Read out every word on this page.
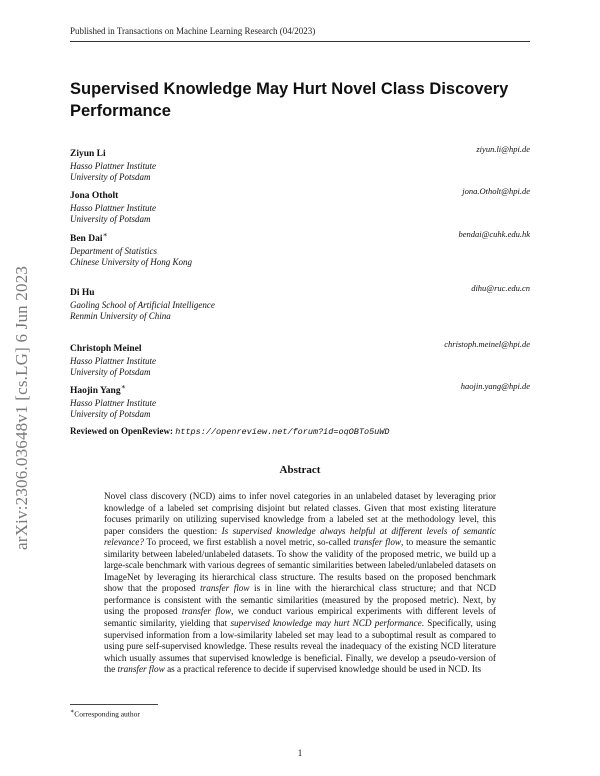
Published in Transactions on Machine Learning Research (04/2023)
Supervised Knowledge May Hurt Novel Class Discovery Performance
Ziyun Li
Hasso Plattner Institute
University of Potsdam
ziyun.li@hpi.de
Jona Otholt
Hasso Plattner Institute
University of Potsdam
jona.Otholt@hpi.de
Ben Dai∗
Department of Statistics
Chinese University of Hong Kong
bendai@cuhk.edu.hk
Di Hu
Gaoling School of Artificial Intelligence
Renmin University of China
dihu@ruc.edu.cn
Christoph Meinel
Hasso Plattner Institute
University of Potsdam
christoph.meinel@hpi.de
Haojin Yang∗
Hasso Plattner Institute
University of Potsdam
haojin.yang@hpi.de
Reviewed on OpenReview: https://openreview.net/forum?id=oqOBTo5uWD
Abstract

Novel class discovery (NCD) aims to infer novel categories in an unlabeled dataset by leveraging prior knowledge of a labeled set comprising disjoint but related classes. Given that most existing literature focuses primarily on utilizing supervised knowledge from a labeled set at the methodology level, this paper considers the question: Is supervised knowledge always helpful at different levels of semantic relevance? To proceed, we first establish a novel metric, so-called transfer flow, to measure the semantic similarity between labeled/unlabeled datasets. To show the validity of the proposed metric, we build up a large-scale benchmark with various degrees of semantic similarities between labeled/unlabeled datasets on ImageNet by leveraging its hierarchical class structure. The results based on the proposed benchmark show that the proposed transfer flow is in line with the hierarchical class structure; and that NCD performance is consistent with the semantic similarities (measured by the proposed metric). Next, by using the proposed transfer flow, we conduct various empirical experiments with different levels of semantic similarity, yielding that supervised knowledge may hurt NCD performance. Specifically, using supervised information from a low-similarity labeled set may lead to a suboptimal result as compared to using pure self-supervised knowledge. These results reveal the inadequacy of the existing NCD literature which usually assumes that supervised knowledge is beneficial. Finally, we develop a pseudo-version of the transfer flow as a practical reference to decide if supervised knowledge should be used in NCD. Its

∗Corresponding author
1
arXiv:2306.03648v1 [cs.LG] 6 Jun 2023
